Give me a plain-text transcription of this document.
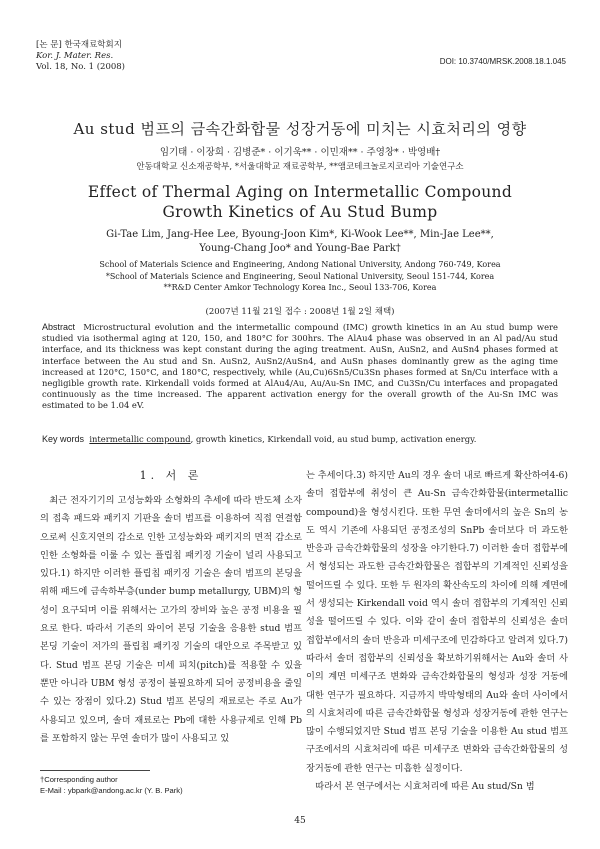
[논 문] 한국재료학회지
Kor. J. Mater. Res.
Vol. 18, No. 1 (2008)
DOI: 10.3740/MRSK.2008.18.1.045
Au stud 범프의 금속간화합물 성장거동에 미치는 시효처리의 영향
임기태 · 이장희 · 김병준* · 이기욱** · 이민재** · 주영창* · 박영배†
안동대학교 신소재공학부, *서울대학교 재료공학부, **앰코테크놀로지코리아 기술연구소
Effect of Thermal Aging on Intermetallic Compound
Growth Kinetics of Au Stud Bump
Gi-Tae Lim, Jang-Hee Lee, Byoung-Joon Kim*, Ki-Wook Lee**, Min-Jae Lee**,
Young-Chang Joo* and Young-Bae Park†
School of Materials Science and Engineering, Andong National University, Andong 760-749, Korea
*School of Materials Science and Engineering, Seoul National University, Seoul 151-744, Korea
**R&D Center Amkor Technology Korea Inc., Seoul 133-706, Korea
(2007년 11월 21일 접수 : 2008년 1월 2일 채택)
Abstract Microstructural evolution and the intermetallic compound (IMC) growth kinetics in an Au stud bump were studied via isothermal aging at 120, 150, and 180°C for 300hrs. The AlAu4 phase was observed in an Al pad/Au stud interface, and its thickness was kept constant during the aging treatment. AuSn, AuSn2, and AuSn4 phases formed at interface between the Au stud and Sn. AuSn2, AuSn2/AuSn4, and AuSn phases dominantly grew as the aging time increased at 120°C, 150°C, and 180°C, respectively, while (Au,Cu)6Sn5/Cu3Sn phases formed at Sn/Cu interface with a negligible growth rate. Kirkendall voids formed at AlAu4/Au, Au/Au-Sn IMC, and Cu3Sn/Cu interfaces and propagated continuously as the time increased. The apparent activation energy for the overall growth of the Au-Sn IMC was estimated to be 1.04 eV.
Key words intermetallic compound, growth kinetics, Kirkendall void, au stud bump, activation energy.
1. 서 론

최근 전자기기의 고성능화와 소형화의 추세에 따라 반도체 소자의 접촉 패드와 패키지 기판을 솔더 범프를 이용하여 직접 연결함으로써 신호지연의 감소로 인한 고성능화와 패키지의 면적 감소로 인한 소형화를 이룰 수 있는 플립칩 패키징 기술이 널리 사용되고 있다.1) 하지만 이러한 플립칩 패키징 기술은 솔더 범프의 본딩을 위해 패드에 금속하부층(under bump metallurgy, UBM)의 형성이 요구되며 이를 위해서는 고가의 장비와 높은 공정 비용을 필요로 한다. 따라서 기존의 와이어 본딩 기술을 응용한 stud 범프 본딩 기술이 저가의 플립칩 패키징 기술의 대안으로 주목받고 있다. Stud 범프 본딩 기술은 미세 피치(pitch)를 적용할 수 있을 뿐만 아니라 UBM 형성 공정이 불필요하게 되어 공정비용을 줄일 수 있는 장점이 있다.2) Stud 범프 본딩의 재료로는 주로 Au가 사용되고 있으며, 솔더 재료로는 Pb에 대한 사용규제로 인해 Pb를 포함하지 않는 무연 솔더가 많이 사용되고 있

는 추세이다.3) 하지만 Au의 경우 솔더 내로 빠르게 확산하여4-6) 솔더 접합부에 취성이 큰 Au-Sn 금속간화합물(intermetallic compound)을 형성시킨다. 또한 무연 솔더에서의 높은 Sn의 농도 역시 기존에 사용되던 공정조성의 SnPb 솔더보다 더 과도한 반응과 금속간화합물의 성장을 야기한다.7) 이러한 솔더 접합부에서 형성되는 과도한 금속간화합물은 접합부의 기계적인 신뢰성을 떨어뜨릴 수 있다. 또한 두 원자의 확산속도의 차이에 의해 계면에서 생성되는 Kirkendall void 역시 솔더 접합부의 기계적인 신뢰성을 떨어뜨릴 수 있다. 이와 같이 솔더 접합부의 신뢰성은 솔더 접합부에서의 솔더 반응과 미세구조에 민감하다고 알려져 있다.7) 따라서 솔더 접합부의 신뢰성을 확보하기위해서는 Au와 솔더 사이의 계면 미세구조 변화와 금속간화합물의 형성과 성장 거동에 대한 연구가 필요하다. 지금까지 박막형태의 Au와 솔더 사이에서의 시효처리에 따른 금속간화합물 형성과 성장거동에 관한 연구는 많이 수행되었지만 Stud 범프 본딩 기술을 이용한 Au stud 범프 구조에서의 시효처리에 따른 미세구조 변화와 금속간화합물의 성장거동에 관한 연구는 미흡한 실정이다.

따라서 본 연구에서는 시효처리에 따른 Au stud/Sn 범

†Corresponding author
E-Mail : ybpark@andong.ac.kr (Y. B. Park)
45
